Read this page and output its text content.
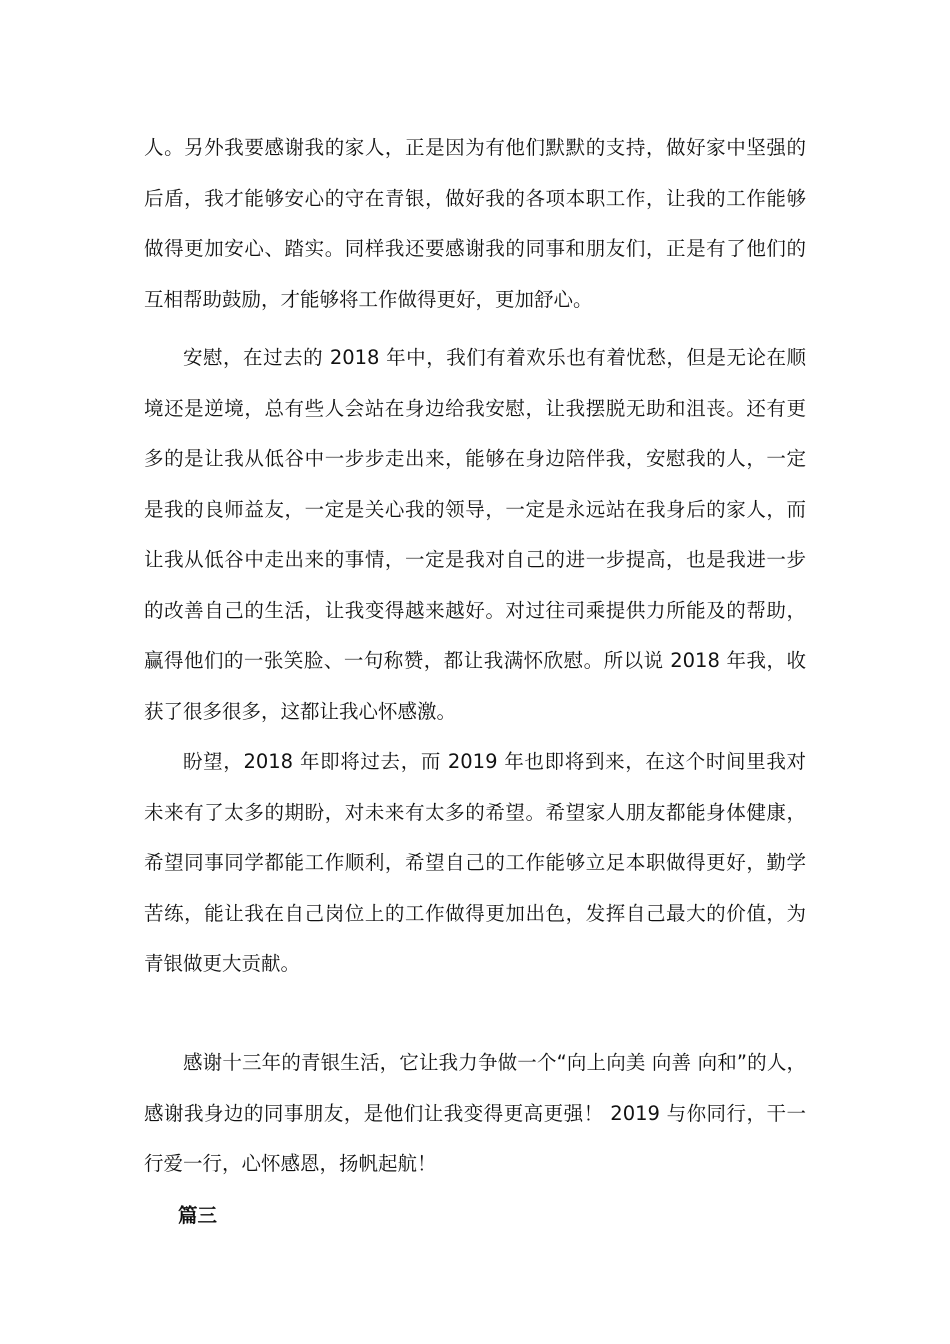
人。另外我要感谢我的家人，正是因为有他们默默的支持，做好家中坚强的后盾，我才能够安心的守在青银，做好我的各项本职工作，让我的工作能够做得更加安心、踏实。同样我还要感谢我的同事和朋友们，正是有了他们的互相帮助鼓励，才能够将工作做得更好，更加舒心。

安慰，在过去的 2018 年中，我们有着欢乐也有着忧愁，但是无论在顺境还是逆境，总有些人会站在身边给我安慰，让我摆脱无助和沮丧。还有更多的是让我从低谷中一步步走出来，能够在身边陪伴我，安慰我的人，一定是我的良师益友，一定是关心我的领导，一定是永远站在我身后的家人，而让我从低谷中走出来的事情，一定是我对自己的进一步提高，也是我进一步的改善自己的生活，让我变得越来越好。对过往司乘提供力所能及的帮助，赢得他们的一张笑脸、一句称赞，都让我满怀欣慰。所以说 2018 年我，收获了很多很多，这都让我心怀感激。

盼望，2018 年即将过去，而 2019 年也即将到来，在这个时间里我对未来有了太多的期盼，对未来有太多的希望。希望家人朋友都能身体健康，希望同事同学都能工作顺利，希望自己的工作能够立足本职做得更好，勤学苦练，能让我在自己岗位上的工作做得更加出色，发挥自己最大的价值，为青银做更大贡献。

感谢十三年的青银生活，它让我力争做一个“向上向美 向善 向和”的人，感谢我身边的同事朋友，是他们让我变得更高更强！ 2019 与你同行，干一行爱一行，心怀感恩，扬帆起航！

篇三
